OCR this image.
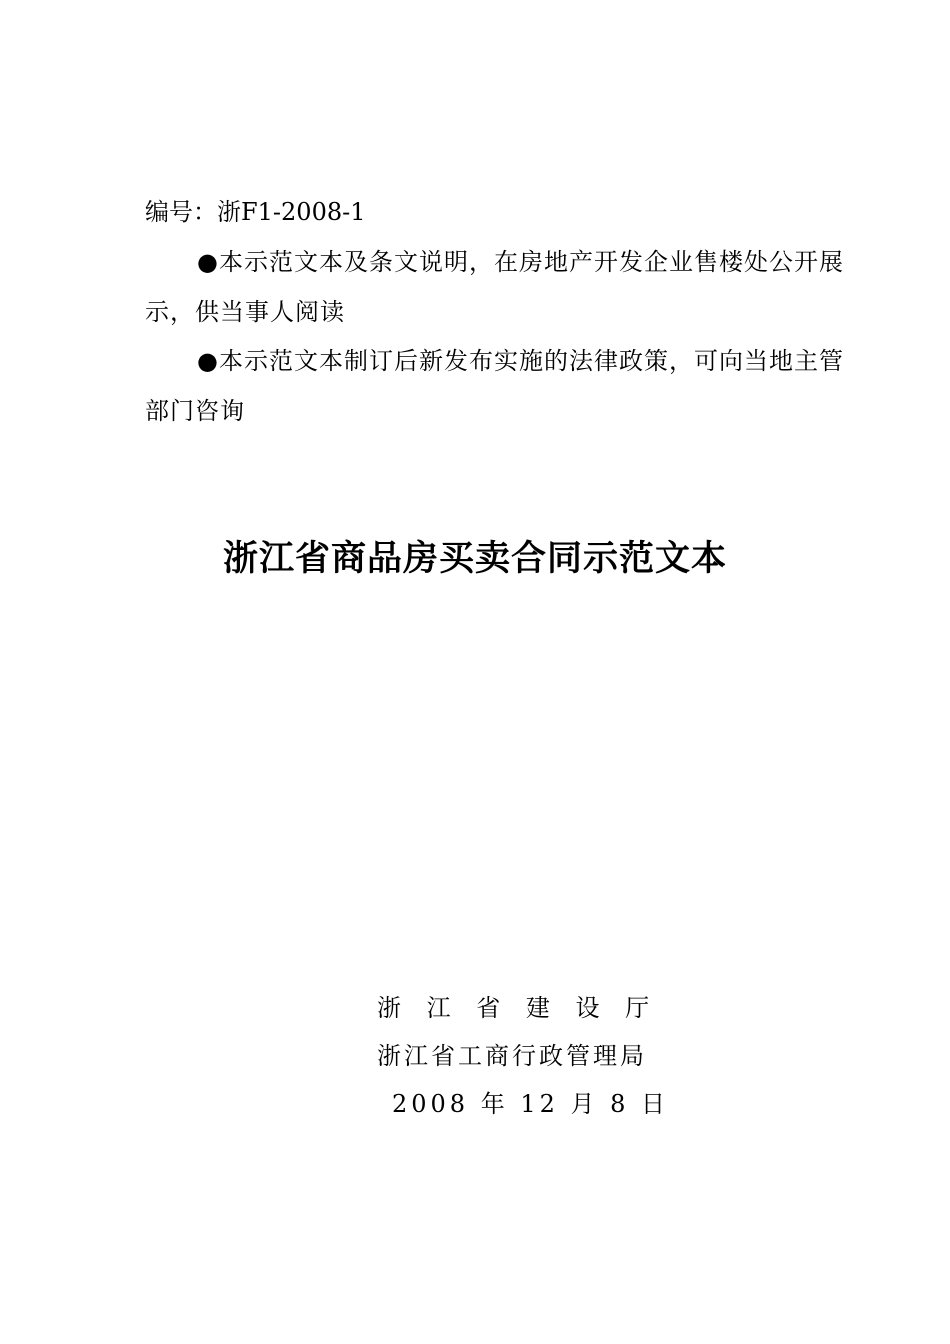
编号：浙F1-2008-1
●本示范文本及条文说明，在房地产开发企业售楼处公开展示，供当事人阅读
●本示范文本制订后新发布实施的法律政策，可向当地主管部门咨询
浙江省商品房买卖合同示范文本
浙 江 省 建 设 厅
浙江省工商行政管理局
2008 年 12 月 8 日
